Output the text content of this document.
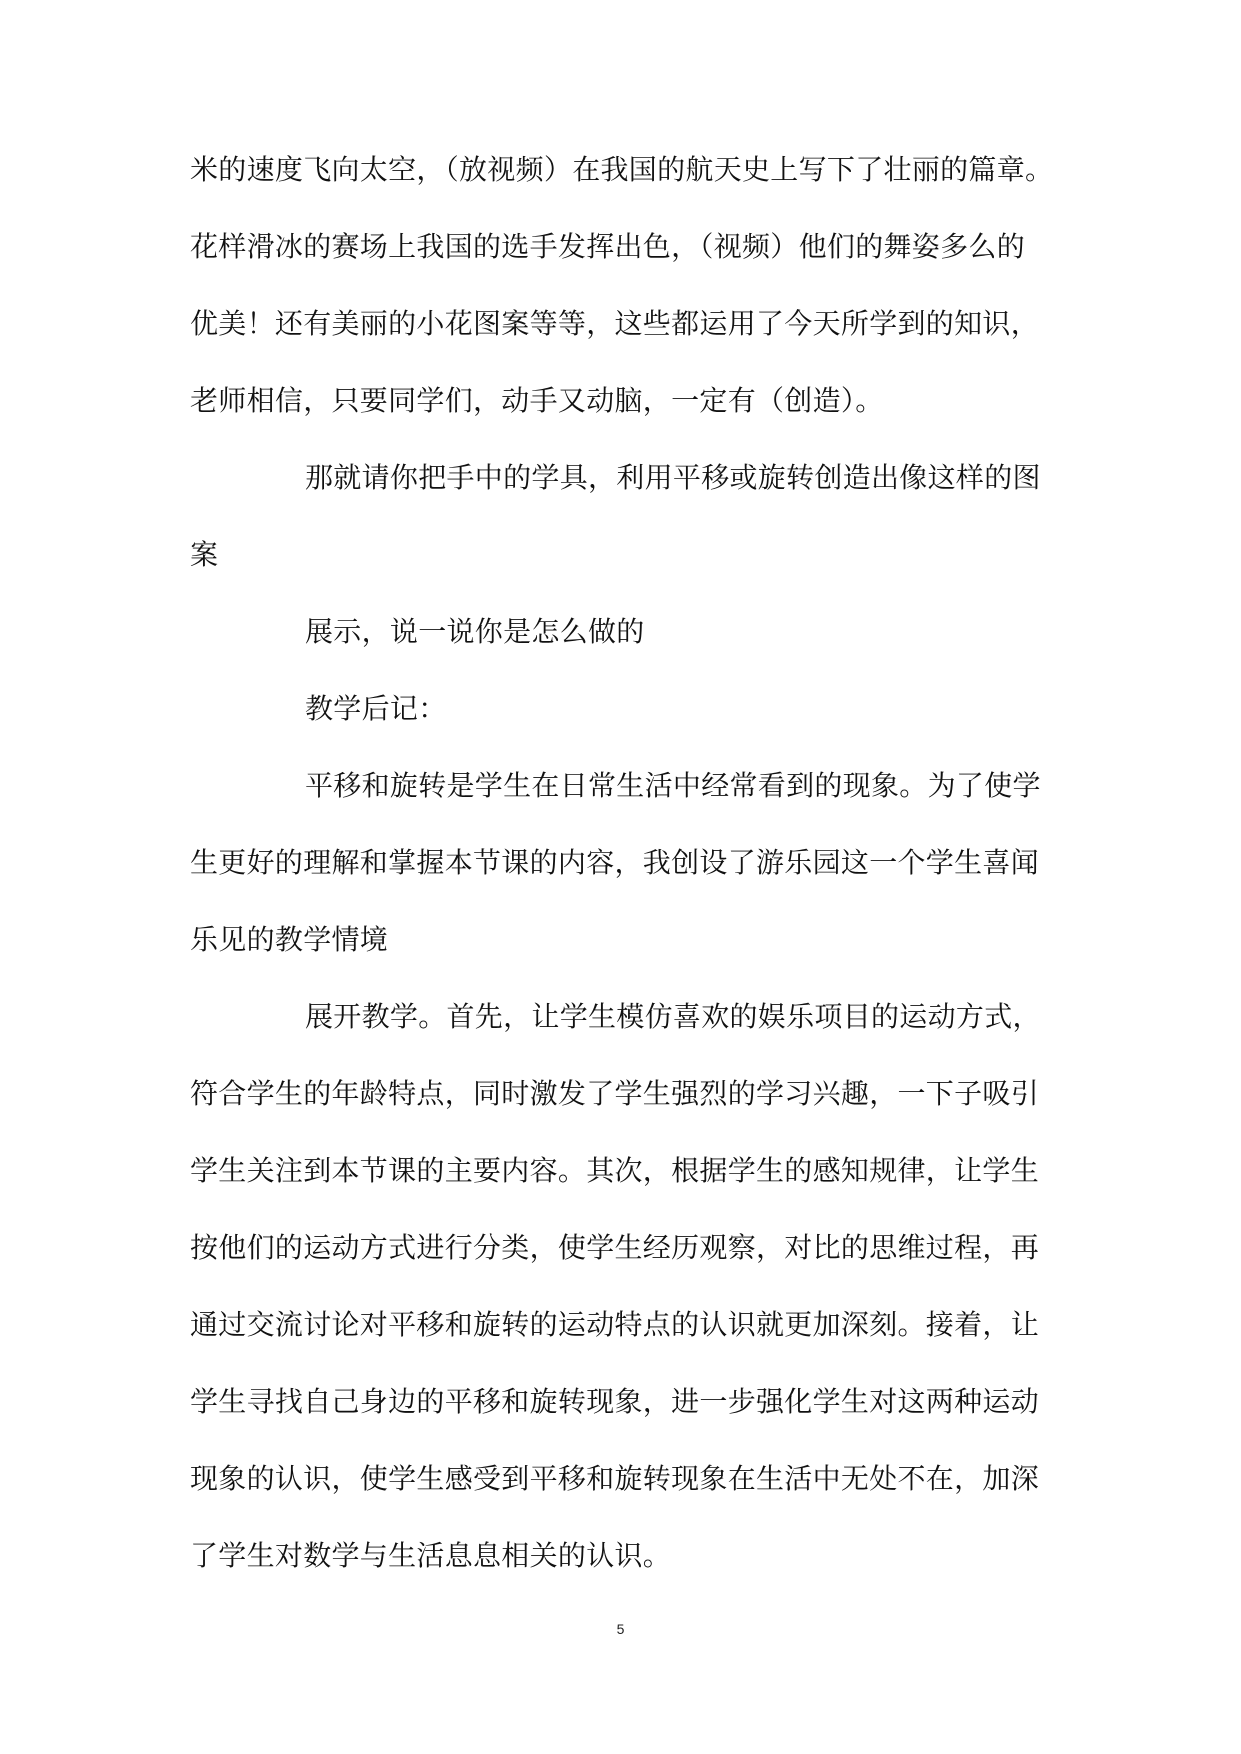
米的速度飞向太空，（放视频）在我国的航天史上写下了壮丽的篇章。
花样滑冰的赛场上我国的选手发挥出色，（视频）他们的舞姿多么的
优美！还有美丽的小花图案等等，这些都运用了今天所学到的知识，
老师相信，只要同学们，动手又动脑，一定有（创造）。
那就请你把手中的学具，利用平移或旋转创造出像这样的图
案
展示，说一说你是怎么做的
教学后记：
平移和旋转是学生在日常生活中经常看到的现象。为了使学
生更好的理解和掌握本节课的内容，我创设了游乐园这一个学生喜闻
乐见的教学情境
展开教学。首先，让学生模仿喜欢的娱乐项目的运动方式，
符合学生的年龄特点，同时激发了学生强烈的学习兴趣，一下子吸引
学生关注到本节课的主要内容。其次，根据学生的感知规律，让学生
按他们的运动方式进行分类，使学生经历观察，对比的思维过程，再
通过交流讨论对平移和旋转的运动特点的认识就更加深刻。接着，让
学生寻找自己身边的平移和旋转现象，进一步强化学生对这两种运动
现象的认识，使学生感受到平移和旋转现象在生活中无处不在，加深
了学生对数学与生活息息相关的认识。
5
